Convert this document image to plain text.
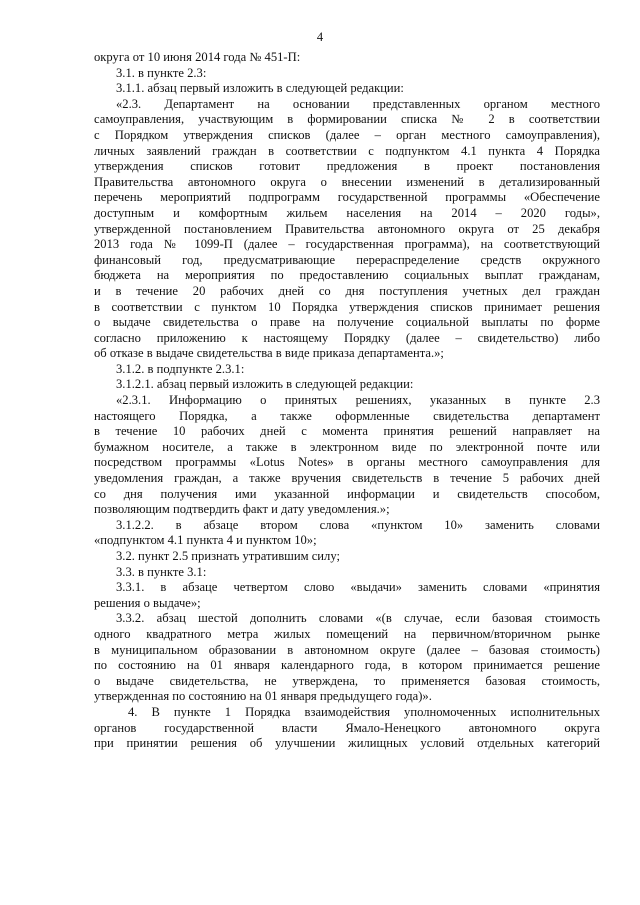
4
округа от 10 июня 2014 года № 451-П:
3.1. в пункте 2.3:
3.1.1. абзац первый изложить в следующей редакции:
«2.3. Департамент на основании представленных органом местного
самоуправления, участвующим в формировании списка № 2 в соответствии
с Порядком утверждения списков (далее – орган местного самоуправления),
личных заявлений граждан в соответствии с подпунктом 4.1 пункта 4 Порядка
утверждения списков готовит предложения в проект постановления
Правительства автономного округа о внесении изменений в детализированный
перечень мероприятий подпрограмм государственной программы «Обеспечение
доступным и комфортным жильем населения на 2014 – 2020 годы»,
утвержденной постановлением Правительства автономного округа от 25 декабря
2013 года № 1099-П (далее – государственная программа), на соответствующий
финансовый год, предусматривающие перераспределение средств окружного
бюджета на мероприятия по предоставлению социальных выплат гражданам,
и в течение 20 рабочих дней со дня поступления учетных дел граждан
в соответствии с пунктом 10 Порядка утверждения списков принимает решения
о выдаче свидетельства о праве на получение социальной выплаты по форме
согласно приложению к настоящему Порядку (далее – свидетельство) либо
об отказе в выдаче свидетельства в виде приказа департамента.»;
3.1.2. в подпункте 2.3.1:
3.1.2.1. абзац первый изложить в следующей редакции:
«2.3.1. Информацию о принятых решениях, указанных в пункте 2.3
настоящего Порядка, а также оформленные свидетельства департамент
в течение 10 рабочих дней с момента принятия решений направляет на
бумажном носителе, а также в электронном виде по электронной почте или
посредством программы «Lotus Notes» в органы местного самоуправления для
уведомления граждан, а также вручения свидетельств в течение 5 рабочих дней
со дня получения ими указанной информации и свидетельств способом,
позволяющим подтвердить факт и дату уведомления.»;
3.1.2.2. в абзаце втором слова «пунктом 10» заменить словами
«подпунктом 4.1 пункта 4 и пунктом 10»;
3.2. пункт 2.5 признать утратившим силу;
3.3. в пункте 3.1:
3.3.1. в абзаце четвертом слово «выдачи» заменить словами «принятия
решения о выдаче»;
3.3.2. абзац шестой дополнить словами «(в случае, если базовая стоимость
одного квадратного метра жилых помещений на первичном/вторичном рынке
в муниципальном образовании в автономном округе (далее – базовая стоимость)
по состоянию на 01 января календарного года, в котором принимается решение
о выдаче свидетельства, не утверждена, то применяется базовая стоимость,
утвержденная по состоянию на 01 января предыдущего года)».
4. В пункте 1 Порядка взаимодействия уполномоченных исполнительных
органов государственной власти Ямало-Ненецкого автономного округа
при принятии решения об улучшении жилищных условий отдельных категорий
